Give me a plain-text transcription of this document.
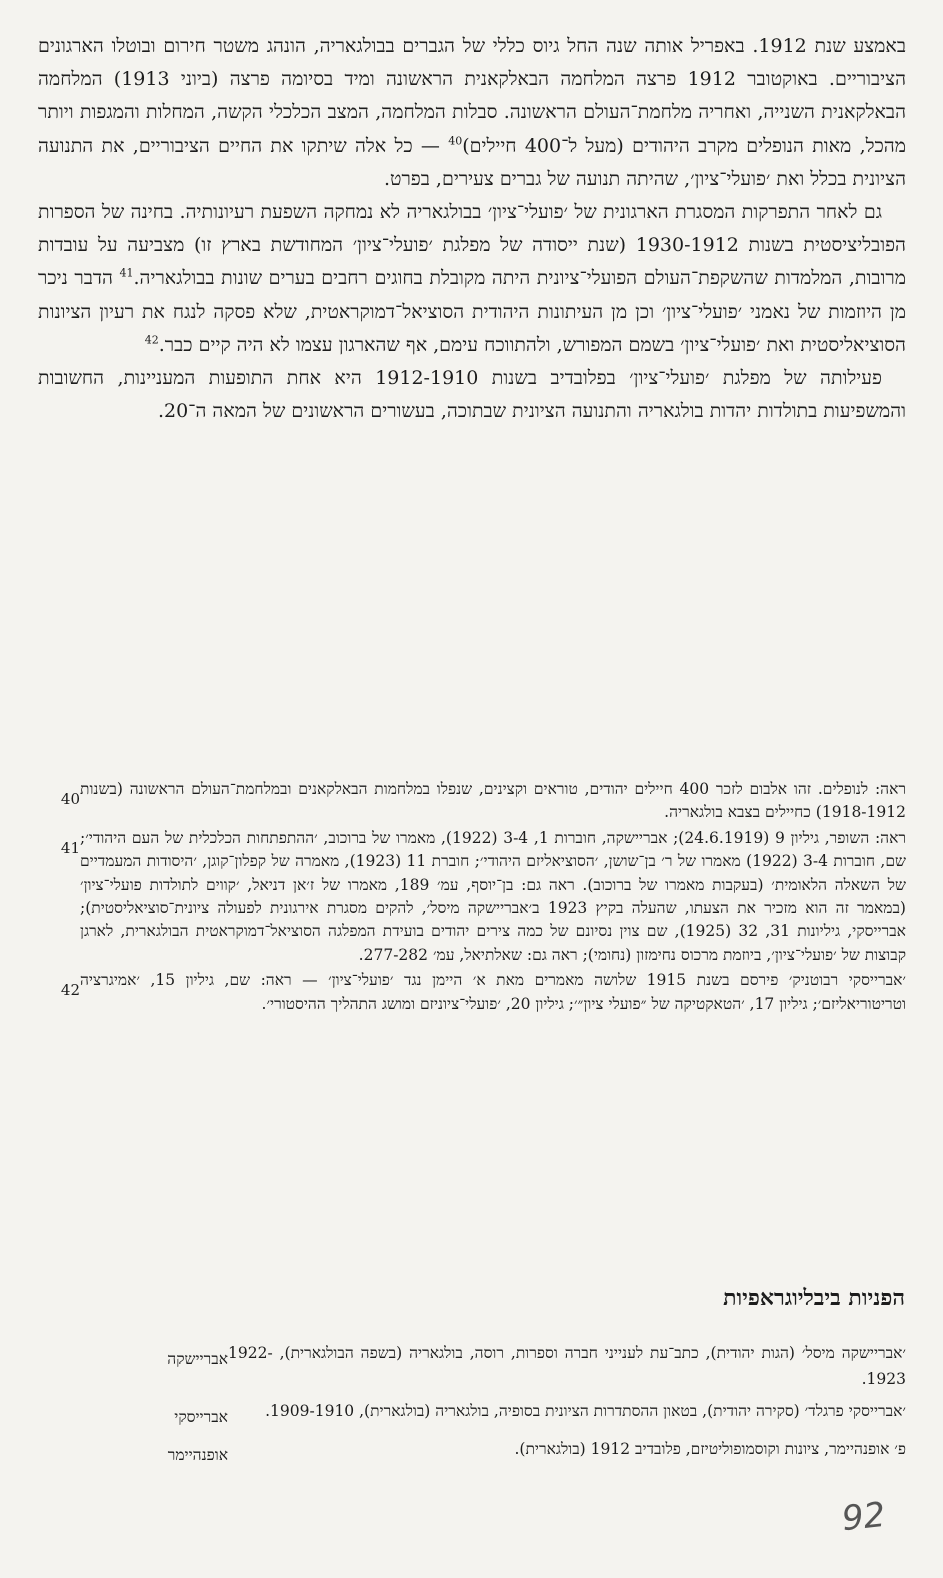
באמצע שנת 1912. באפריל אותה שנה החל גיוס כללי של הגברים בבולגאריה, הונהג משטר חירום ובוטלו הארגונים הציבוריים. באוקטובר 1912 פרצה המלחמה הבאלקאנית הראשונה ומיד בסיומה פרצה (ביוני 1913) המלחמה הבאלקאנית השנייה, ואחריה מלחמת־העולם הראשונה. סבלות המלחמה, המצב הכלכלי הקשה, המחלות והמגפות ויותר מהכל, מאות הנופלים מקרב היהודים (מעל ל־400 חיילים)$^{40}$ — כל אלה שיתקו את החיים הציבוריים, את התנועה הציונית בכלל ואת ׳פועלי־ציון׳, שהיתה תנועה של גברים צעירים, בפרט.

גם לאחר התפרקות המסגרת הארגונית של ׳פועלי־ציון׳ בבולגאריה לא נמחקה השפעת רעיונותיה. בחינה של הספרות הפובליציסטית בשנות 1930-1912 (שנת ייסודה של מפלגת ׳פועלי־ציון׳ המחודשת בארץ זו) מצביעה על עובדות מרובות, המלמדות שהשקפת־העולם הפועלי־ציונית היתה מקובלת בחוגים רחבים בערים שונות בבולגאריה.$^{41}$ הדבר ניכר מן היוזמות של נאמני ׳פועלי־ציון׳ וכן מן העיתונות היהודית הסוציאל־דמוקראטית, שלא פסקה לנגח את רעיון הציונות הסוציאליסטית ואת ׳פועלי־ציון׳ בשמם המפורש, ולהתווכח עימם, אף שהארגון עצמו לא היה קיים כבר.$^{42}$

פעילותה של מפלגת ׳פועלי־ציון׳ בפלובדיב בשנות 1912-1910 היא אחת התופעות המעניינות, החשובות והמשפיעות בתולדות יהדות בולגאריה והתנועה הציונית שבתוכה, בעשורים הראשונים של המאה ה־20.

ראה: לנופלים. זהו אלבום לזכר 400 חיילים יהודים, טוראים וקצינים, שנפלו במלחמות הבאלקאנים ובמלחמת־העולם הראשונה (בשנות 1918-1912) כחיילים בצבא בולגאריה.
40
ראה: השופר, גיליון 9 (24.6.1919); אבריישקה, חוברות 1, 3-4 (1922), מאמרו של ברוכוב, ׳ההתפתחות הכלכלית של העם היהודי׳; שם, חוברות 3-4 (1922) מאמרו של ר׳ בן־שושן, ׳הסוציאליזם היהודי׳; חוברת 11 (1923), מאמרה של קפלון־קוגן, ׳היסודות המעמדיים של השאלה הלאומית׳ (בעקבות מאמרו של ברוכוב). ראה גם: בן־יוסף, עמ׳ 189, מאמרו של ז׳אן דניאל, ׳קווים לתולדות פועלי־ציון׳ (במאמר זה הוא מזכיר את הצעתו, שהעלה בקיץ 1923 ב׳אבריישקה מיסל׳, להקים מסגרת אירגונית לפעולה ציונית־סוציאליסטית); אברייסקי, גיליונות 31, 32 (1925), שם צוין נסיונם של כמה צירים יהודים בועידת המפלגה הסוציאל־דמוקראטית הבולגארית, לארגן קבוצות של ׳פועלי־ציון׳, ביוזמת מרכוס נחימזון (נחומי); ראה גם: שאלתיאל, עמ׳ 277-282.
41
׳אברייסקי רבוטניק׳ פירסם בשנת 1915 שלושה מאמרים מאת א׳ היימן נגד ׳פועלי־ציון׳ — ראה: שם, גיליון 15, ׳אמיגרציה וטריטוריאליזם׳; גיליון 17, ׳הטאקטיקה של ״פועלי ציון״׳; גיליון 20, ׳פועלי־ציוניזם ומושג התהליך ההיסטורי׳.
42
הפניות ביבליוגראפיות
׳אבריישקה מיסל׳ (הגות יהודית), כתב־עת לענייני חברה וספרות, רוסה, בולגאריה (בשפה הבולגארית), 1922-1923.
אבריישקה
׳אברייסקי פרגלד׳ (סקירה יהודית), בטאון ההסתדרות הציונית בסופיה, בולגאריה (בולגארית), 1909-1910.
אברייסקי
פ׳ אופנהיימר, ציונות וקוסמופוליטיזם, פלובדיב 1912 (בולגארית).
אופנהיימר
92
